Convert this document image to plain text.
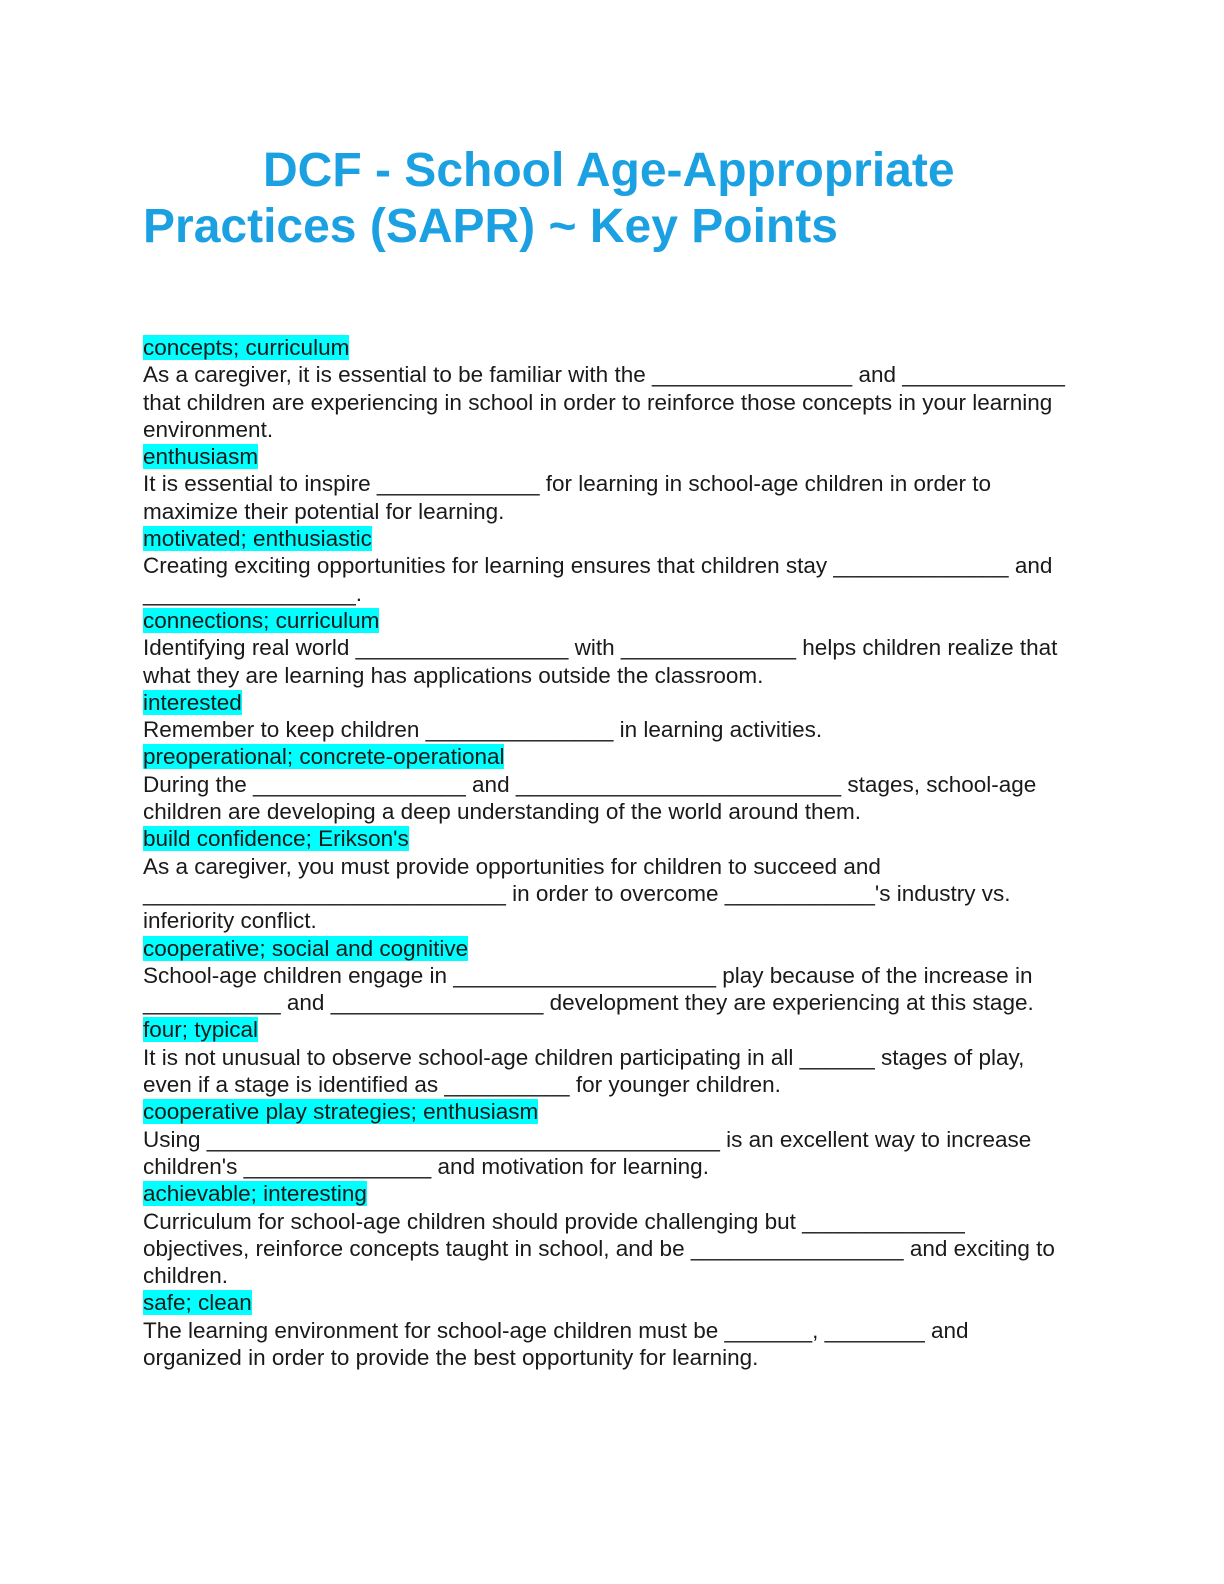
DCF - School Age-Appropriate
Practices (SAPR) ~ Key Points
concepts; curriculum
As a caregiver, it is essential to be familiar with the ________________ and _____________ that children are experiencing in school in order to reinforce those concepts in your learning environment.
enthusiasm
It is essential to inspire _____________ for learning in school-age children in order to maximize their potential for learning.
motivated; enthusiastic
Creating exciting opportunities for learning ensures that children stay ______________ and _________________.
connections; curriculum
Identifying real world _________________ with ______________ helps children realize that what they are learning has applications outside the classroom.
interested
Remember to keep children _______________ in learning activities.
preoperational; concrete-operational
During the _________________ and __________________________ stages, school-age children are developing a deep understanding of the world around them.
build confidence; Erikson's
As a caregiver, you must provide opportunities for children to succeed and _____________________________ in order to overcome ____________'s industry vs. inferiority conflict.
cooperative; social and cognitive
School-age children engage in _____________________ play because of the increase in ___________ and _________________ development they are experiencing at this stage.
four; typical
It is not unusual to observe school-age children participating in all ______ stages of play, even if a stage is identified as __________ for younger children.
cooperative play strategies; enthusiasm
Using _________________________________________ is an excellent way to increase children's _______________ and motivation for learning.
achievable; interesting
Curriculum for school-age children should provide challenging but _____________ objectives, reinforce concepts taught in school, and be _________________ and exciting to children.
safe; clean
The learning environment for school-age children must be _______, ________ and organized in order to provide the best opportunity for learning.
